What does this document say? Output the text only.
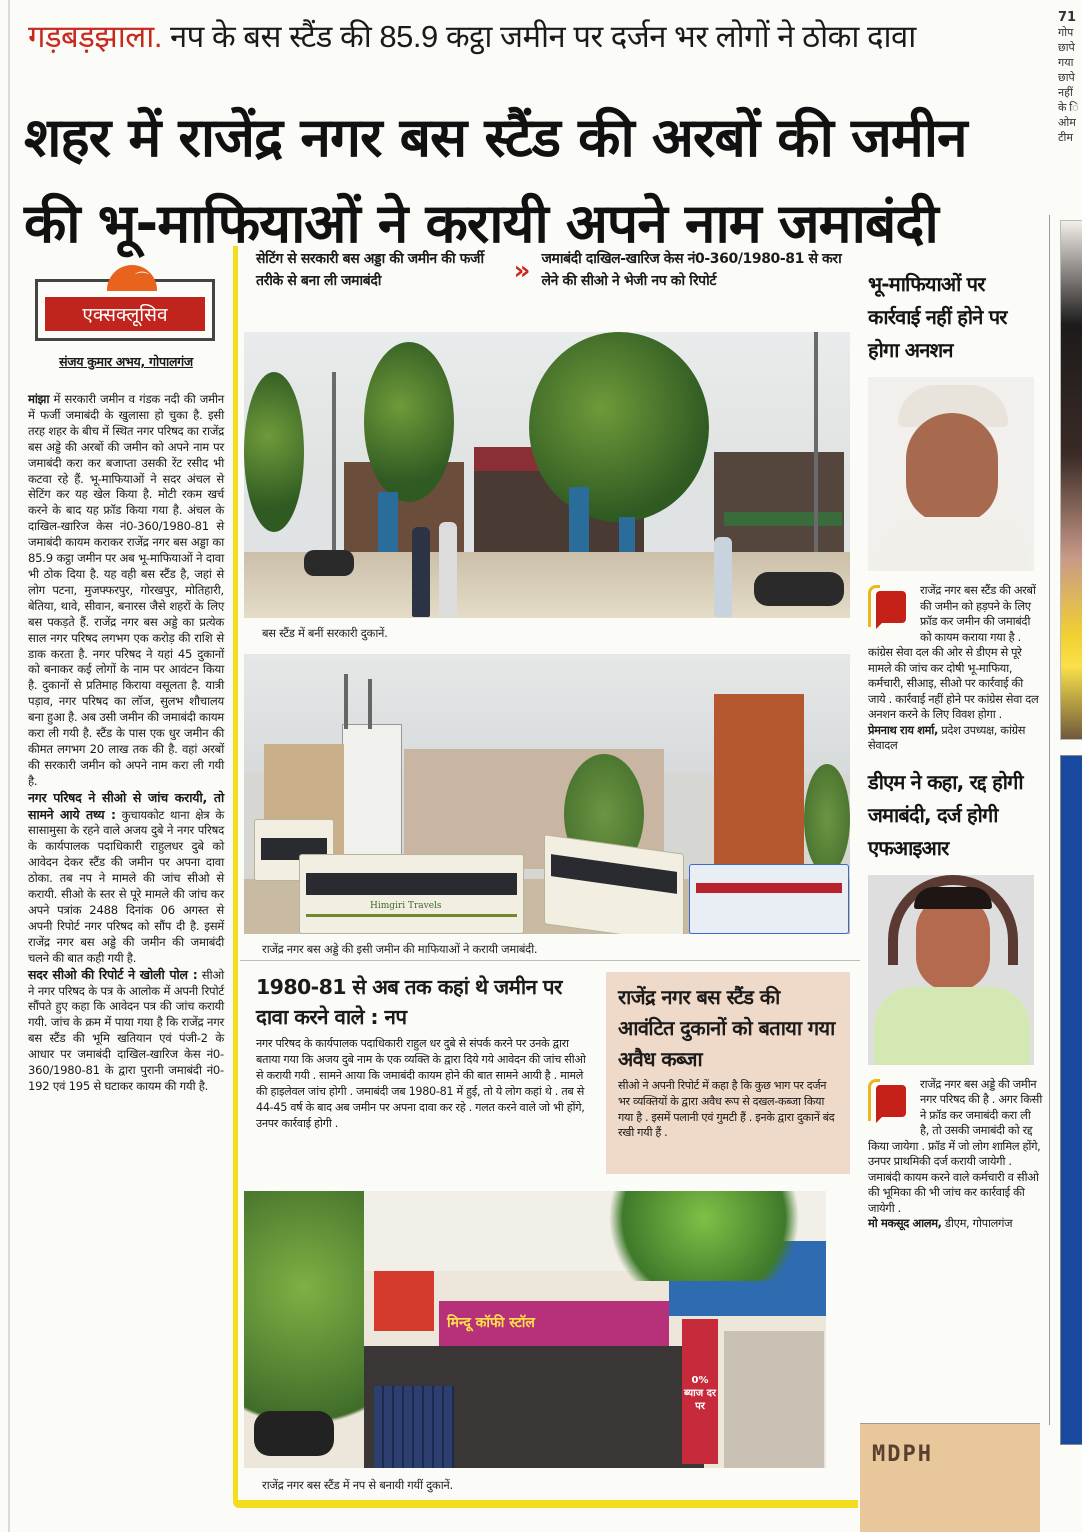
गड़बड़झाला. नप के बस स्टैंड की 85.9 कट्ठा जमीन पर दर्जन भर लोगों ने ठोका दावा
शहर में राजेंद्र नगर बस स्टैंड की अरबों की जमीन
की भू-माफियाओं ने करायी अपने नाम जमाबंदी
71
गोप
छापे
गया
छापे
नहीं
के ि
ओम
टीम
⌒
एक्सक्लूसिव
संजय कुमार अभय, गोपालगंज

मांझा में सरकारी जमीन व गंडक नदी की जमीन में फर्जी जमाबंदी के खुलासा हो चुका है. इसी तरह शहर के बीच में स्थित नगर परिषद का राजेंद्र बस अड्डे की अरबों की जमीन को अपने नाम पर जमाबंदी करा कर बजाप्ता उसकी रेंट रसीद भी कटवा रहे हैं. भू-माफियाओं ने सदर अंचल से सेटिंग कर यह खेल किया है. मोटी रकम खर्च करने के बाद यह फ्रॉड किया गया है. अंचल के दाखिल-खारिज केस नं0-360/1980-81 से जमाबंदी कायम कराकर राजेंद्र नगर बस अड्डा का 85.9 कट्ठा जमीन पर अब भू-माफियाओं ने दावा भी ठोक दिया है. यह वही बस स्टैंड है, जहां से लोग पटना, मुजफ्फरपुर, गोरखपुर, मोतिहारी, बेतिया, थावे, सीवान, बनारस जैसे शहरों के लिए बस पकड़ते हैं. राजेंद्र नगर बस अड्डे का प्रत्येक साल नगर परिषद लगभग एक करोड़ की राशि से डाक करता है. नगर परिषद ने यहां 45 दुकानों को बनाकर कई लोगों के नाम पर आवंटन किया है. दुकानों से प्रतिमाह किराया वसूलता है. यात्री पड़ाव, नगर परिषद का लॉज, सुलभ शौचालय बना हुआ है. अब उसी जमीन की जमाबंदी कायम करा ली गयी है. स्टैंड के पास एक धुर जमीन की कीमत लगभग 20 लाख तक की है. वहां अरबों की सरकारी जमीन को अपने नाम करा ली गयी है.

नगर परिषद ने सीओ से जांच करायी, तो सामने आये तथ्य : कुचायकोट थाना क्षेत्र के सासामुसा के रहने वाले अजय दुबे ने नगर परिषद के कार्यपालक पदाधिकारी राहुलधर दुबे को आवेदन देकर स्टैंड की जमीन पर अपना दावा ठोका. तब नप ने मामले की जांच सीओ से करायी. सीओ के स्तर से पूरे मामले की जांच कर अपने पत्रांक 2488 दिनांक 06 अगस्त से अपनी रिपोर्ट नगर परिषद को सौंप दी है. इसमें राजेंद्र नगर बस अड्डे की जमीन की जमाबंदी चलने की बात कही गयी है.

सदर सीओ की रिपोर्ट ने खोली पोल : सीओ ने नगर परिषद के पत्र के आलोक में अपनी रिपोर्ट सौंपते हुए कहा कि आवेदन पत्र की जांच करायी गयी. जांच के क्रम में पाया गया है कि राजेंद्र नगर बस स्टैंड की भूमि खतियान एवं पंजी-2 के आधार पर जमाबंदी दाखिल-खारिज केस नं0-360/1980-81 के द्वारा पुरानी जमाबंदी नं0-192 एवं 195 से घटाकर कायम की गयी है.

सेटिंग से सरकारी बस अड्डा की जमीन की फर्जी तरीके से बना ली जमाबंदी	» जमाबंदी दाखिल-खारिज केस नं0-360/1980-81 से करा लेने की सीओ ने भेजी नप को रिपोर्ट
बस स्टैंड में बनीं सरकारी दुकानें.
Himgiri Travels
राजेंद्र नगर बस अड्डे की इसी जमीन की माफियाओं ने करायी जमाबंदी.
1980-81 से अब तक कहां थे जमीन पर दावा करने वाले : नप
नगर परिषद के कार्यपालक पदाधिकारी राहुल धर दुबे से संपर्क करने पर उनके द्वारा बताया गया कि अजय दुबे नाम के एक व्यक्ति के द्वारा दिये गये आवेदन की जांच सीओ से करायी गयी . सामने आया कि जमाबंदी कायम होने की बात सामने आयी है . मामले की हाइलेवल जांच होगी . जमाबंदी जब 1980-81 में हुई, तो ये लोग कहां थे . तब से 44-45 वर्ष के बाद अब जमीन पर अपना दावा कर रहे . गलत करने वाले जो भी होंगे, उनपर कार्रवाई होगी .
राजेंद्र नगर बस स्टैंड की आवंटित दुकानों को बताया गया अवैध कब्जा
सीओ ने अपनी रिपोर्ट में कहा है कि कुछ भाग पर दर्जन भर व्यक्तियों के द्वारा अवैध रूप से दखल-कब्जा किया गया है . इसमें पलानी एवं गुमटी हैं . इनके द्वारा दुकानें बंद रखी गयी हैं .
मिन्दू कॉफी स्टॉल
0% ब्याज दर पर
राजेंद्र नगर बस स्टैंड में नप से बनायी गयीं दुकानें.
भू-माफियाओं पर कार्रवाई नहीं होने पर होगा अनशन
राजेंद्र नगर बस स्टैंड की अरबों की जमीन को हड़पने के लिए फ्रॉड कर जमीन की जमाबंदी को कायम कराया गया है . कांग्रेस सेवा दल की ओर से डीएम से पूरे मामले की जांच कर दोषी भू-माफिया, कर्मचारी, सीआइ, सीओ पर कार्रवाई की जाये . कार्रवाई नहीं होने पर कांग्रेस सेवा दल अनशन करने के लिए विवश होगा .
प्रेमनाथ राय शर्मा, प्रदेश उपध्यक्ष, कांग्रेस सेवादल
डीएम ने कहा, रद्द होगी जमाबंदी, दर्ज होगी एफआइआर
राजेंद्र नगर बस अड्डे की जमीन नगर परिषद की है . अगर किसी ने फ्रॉड कर जमाबंदी करा ली है, तो उसकी जमाबंदी को रद्द किया जायेगा . फ्रॉड में जो लोग शामिल होंगे, उनपर प्राथमिकी दर्ज करायी जायेगी . जमाबंदी कायम करने वाले कर्मचारी व सीओ की भूमिका की भी जांच कर कार्रवाई की जायेगी .
मो मकसूद आलम, डीएम, गोपालगंज
MDPH
